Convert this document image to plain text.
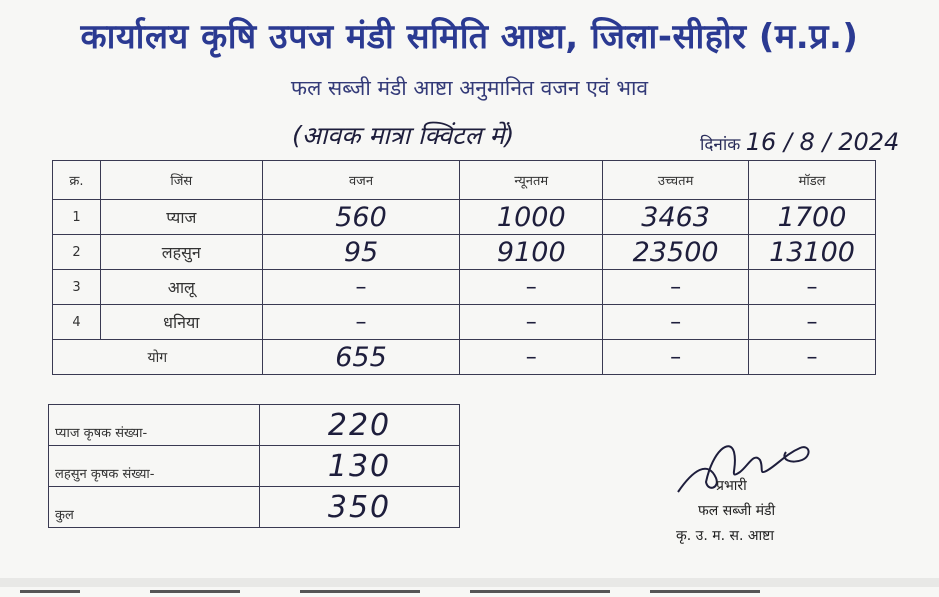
कार्यालय कृषि उपज मंडी समिति आष्टा, जिला-सीहोर (म.प्र.)
फल सब्जी मंडी आष्टा अनुमानित वजन एवं भाव
(आवक मात्रा क्विंटल में)	दिनांक 16 / 8 / 2024
क्र.	जिंस	वजन	न्यूनतम	उच्चतम	मॉडल
1	प्याज	560	1000	3463	1700
2	लहसुन	95	9100	23500	13100
3	आलू	–	–	–	–
4	धनिया	–	–	–	–
योग		655	–	–	–
प्याज कृषक संख्या-	220
लहसुन कृषक संख्या-	130
कुल	350
प्रभारी
फल सब्जी मंडी
कृ. उ. म. स. आष्टा
